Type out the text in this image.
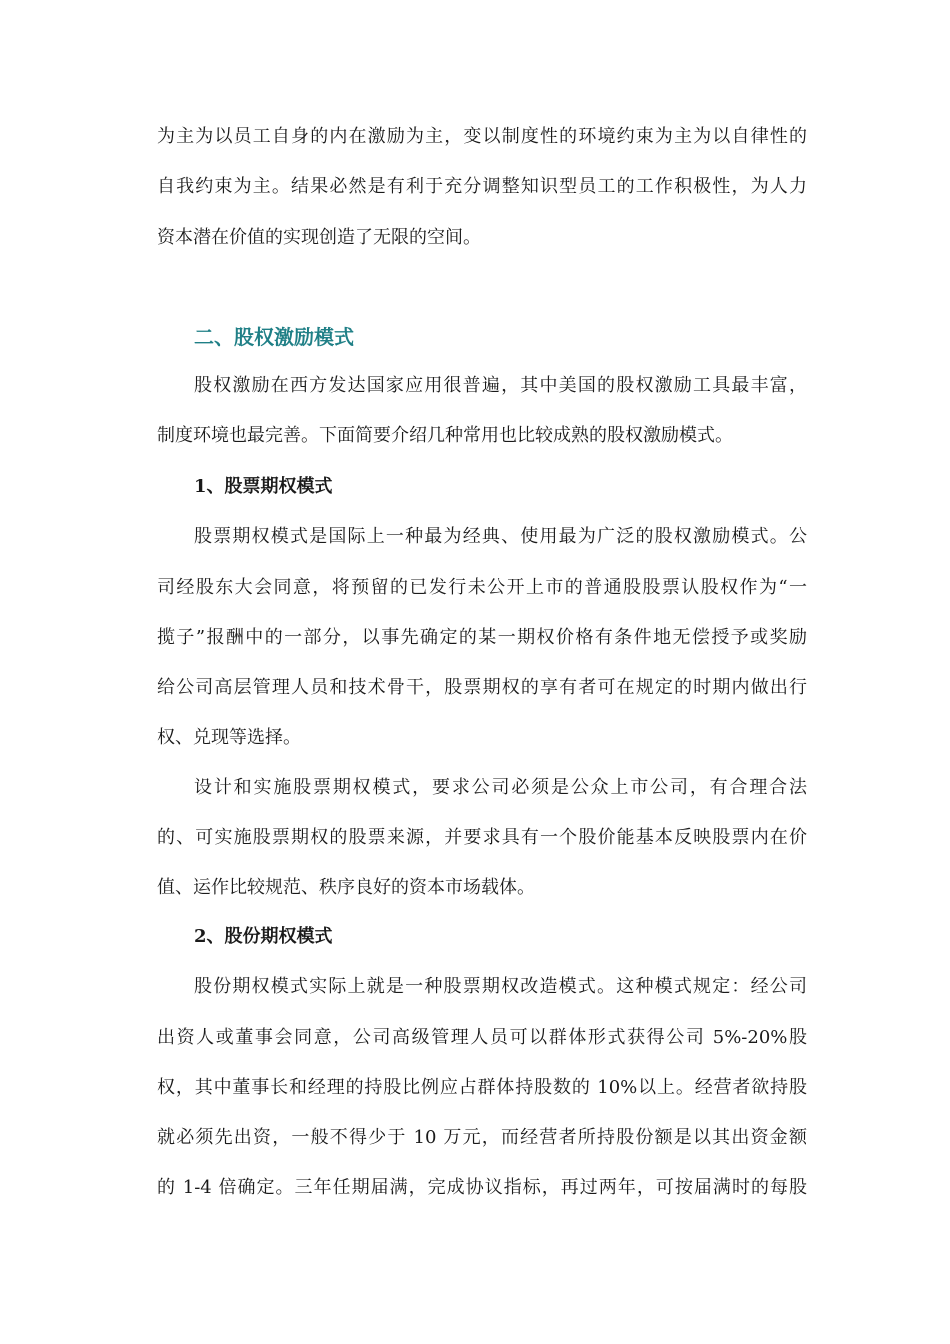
为主为以员工自身的内在激励为主，变以制度性的环境约束为主为以自律性的
自我约束为主。结果必然是有利于充分调整知识型员工的工作积极性，为人力
资本潜在价值的实现创造了无限的空间。
二、股权激励模式
股权激励在西方发达国家应用很普遍，其中美国的股权激励工具最丰富，
制度环境也最完善。下面简要介绍几种常用也比较成熟的股权激励模式。
1、股票期权模式
股票期权模式是国际上一种最为经典、使用最为广泛的股权激励模式。公
司经股东大会同意，将预留的已发行未公开上市的普通股股票认股权作为“一
揽子”报酬中的一部分，以事先确定的某一期权价格有条件地无偿授予或奖励
给公司高层管理人员和技术骨干，股票期权的享有者可在规定的时期内做出行
权、兑现等选择。
设计和实施股票期权模式，要求公司必须是公众上市公司，有合理合法
的、可实施股票期权的股票来源，并要求具有一个股价能基本反映股票内在价
值、运作比较规范、秩序良好的资本市场载体。
2、股份期权模式
股份期权模式实际上就是一种股票期权改造模式。这种模式规定：经公司
出资人或董事会同意，公司高级管理人员可以群体形式获得公司 5%-20%股
权，其中董事长和经理的持股比例应占群体持股数的 10%以上。经营者欲持股
就必须先出资，一般不得少于 10 万元，而经营者所持股份额是以其出资金额
的 1-4 倍确定。三年任期届满，完成协议指标，再过两年，可按届满时的每股
